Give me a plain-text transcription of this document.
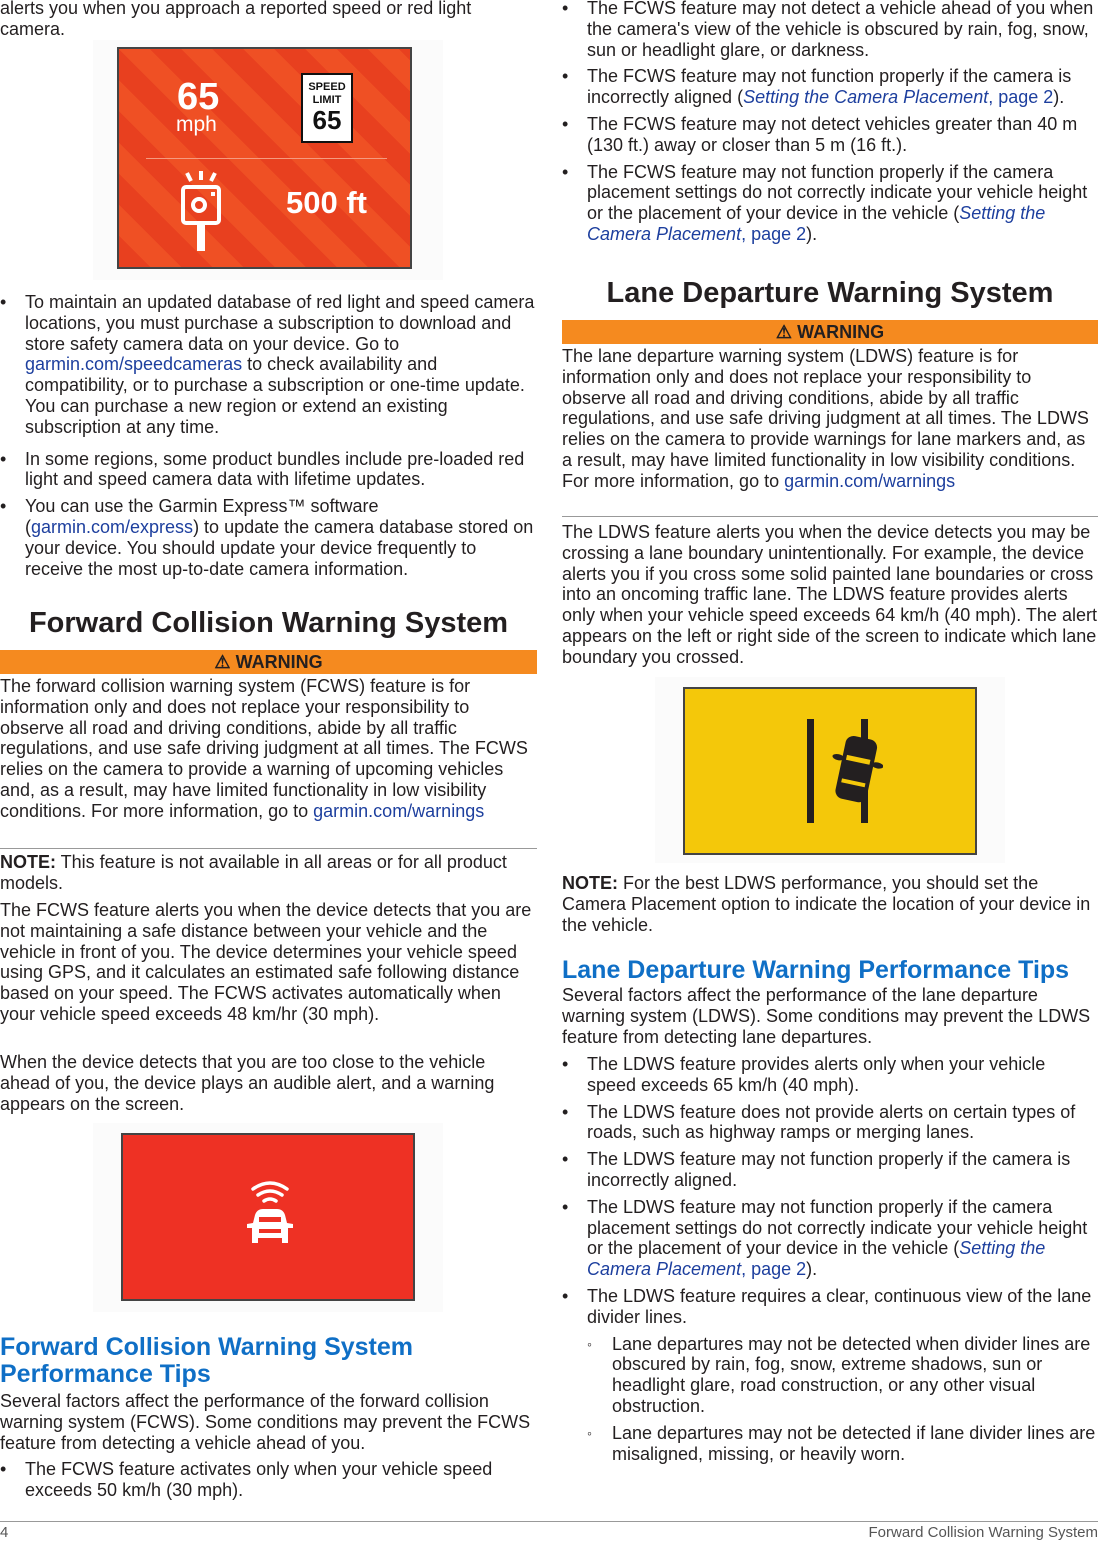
alerts you when you approach a reported speed or red light camera.

65
mph
SPEED
LIMIT
65
500 ft

• To maintain an updated database of red light and speed camera locations, you must purchase a subscription to download and store safety camera data on your device. Go to garmin.com/speedcameras to check availability and compatibility, or to purchase a subscription or one-time update. You can purchase a new region or extend an existing subscription at any time.

• In some regions, some product bundles include pre-loaded red light and speed camera data with lifetime updates.

• You can use the Garmin Express™ software (garmin.com/express) to update the camera database stored on your device. You should update your device frequently to receive the most up-to-date camera information.

Forward Collision Warning System
⚠ WARNING

The forward collision warning system (FCWS) feature is for information only and does not replace your responsibility to observe all road and driving conditions, abide by all traffic regulations, and use safe driving judgment at all times. The FCWS relies on the camera to provide a warning of upcoming vehicles and, as a result, may have limited functionality in low visibility conditions. For more information, go to garmin.com/warnings

NOTE: This feature is not available in all areas or for all product models.

The FCWS feature alerts you when the device detects that you are not maintaining a safe distance between your vehicle and the vehicle in front of you. The device determines your vehicle speed using GPS, and it calculates an estimated safe following distance based on your speed. The FCWS activates automatically when your vehicle speed exceeds 48 km/hr (30 mph).

When the device detects that you are too close to the vehicle ahead of you, the device plays an audible alert, and a warning appears on the screen.

Forward Collision Warning System Performance Tips

Several factors affect the performance of the forward collision warning system (FCWS). Some conditions may prevent the FCWS feature from detecting a vehicle ahead of you.

• The FCWS feature activates only when your vehicle speed exceeds 50 km/h (30 mph).

• The FCWS feature may not detect a vehicle ahead of you when the camera's view of the vehicle is obscured by rain, fog, snow, sun or headlight glare, or darkness.

• The FCWS feature may not function properly if the camera is incorrectly aligned (Setting the Camera Placement, page 2).

• The FCWS feature may not detect vehicles greater than 40 m (130 ft.) away or closer than 5 m (16 ft.).

• The FCWS feature may not function properly if the camera placement settings do not correctly indicate your vehicle height or the placement of your device in the vehicle (Setting the Camera Placement, page 2).

Lane Departure Warning System
⚠ WARNING

The lane departure warning system (LDWS) feature is for information only and does not replace your responsibility to observe all road and driving conditions, abide by all traffic regulations, and use safe driving judgment at all times. The LDWS relies on the camera to provide warnings for lane markers and, as a result, may have limited functionality in low visibility conditions. For more information, go to garmin.com/warnings

The LDWS feature alerts you when the device detects you may be crossing a lane boundary unintentionally. For example, the device alerts you if you cross some solid painted lane boundaries or cross into an oncoming traffic lane. The LDWS feature provides alerts only when your vehicle speed exceeds 64 km/h (40 mph). The alert appears on the left or right side of the screen to indicate which lane boundary you crossed.

NOTE: For the best LDWS performance, you should set the Camera Placement option to indicate the location of your device in the vehicle.

Lane Departure Warning Performance Tips

Several factors affect the performance of the lane departure warning system (LDWS). Some conditions may prevent the LDWS feature from detecting lane departures.

• The LDWS feature provides alerts only when your vehicle speed exceeds 65 km/h (40 mph).

• The LDWS feature does not provide alerts on certain types of roads, such as highway ramps or merging lanes.

• The LDWS feature may not function properly if the camera is incorrectly aligned.

• The LDWS feature may not function properly if the camera placement settings do not correctly indicate your vehicle height or the placement of your device in the vehicle (Setting the Camera Placement, page 2).

• The LDWS feature requires a clear, continuous view of the lane divider lines.

◦ Lane departures may not be detected when divider lines are obscured by rain, fog, snow, extreme shadows, sun or headlight glare, road construction, or any other visual obstruction.

◦ Lane departures may not be detected if lane divider lines are misaligned, missing, or heavily worn.

4	Forward Collision Warning System
